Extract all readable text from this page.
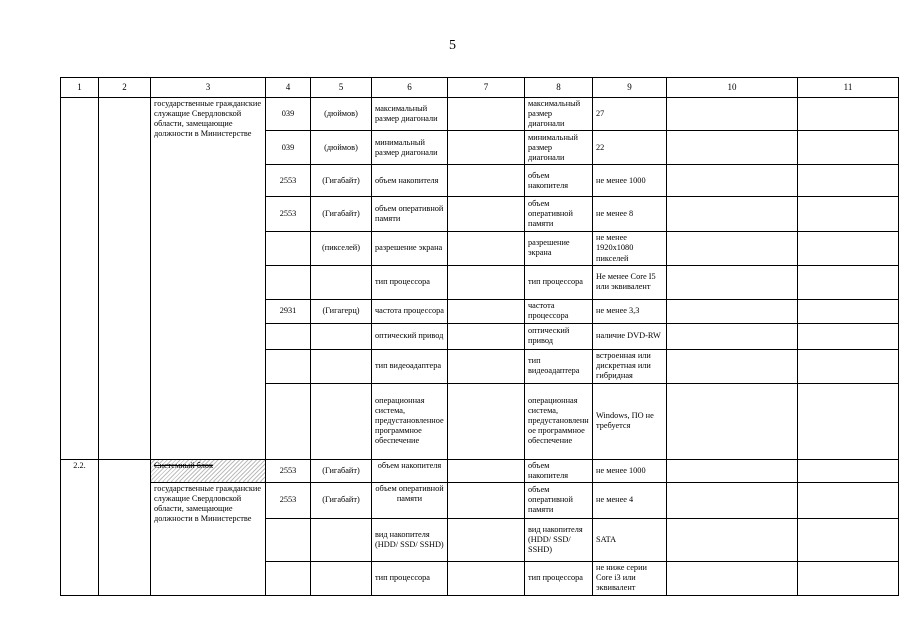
5
1	2	3	4	5	6	7	8	9	10	11
		государственные гражданские служащие Свердловской области, замещающие должности в Министерстве	039	(дюймов)	максимальный размер диагонали		максимальный размер диагонали	27		
			039	(дюймов)	минимальный размер диагонали		минимальный размер диагонали	22		
			2553	(Гигабайт)	объем накопителя		объем накопителя	не менее 1000		
			2553	(Гигабайт)	объем оперативной памяти		объем оперативной памяти	не менее 8		
				(пикселей)	разрешение экрана		разрешение экрана	не менее 1920x1080 пикселей		
					тип процессора		тип процессора	Не менее Core I5 или эквивалент		
			2931	(Гигагерц)	частота процессора		частота процессора	не менее 3,3		
					оптический привод		оптический привод	наличие DVD-RW		
					тип видеоадаптера		тип видеоадаптера	встроенная или дискретная или гибридная		
					операционная система, предустановленное программное обеспечение		операционная система, предустановленное программное обеспечение	Windows, ПО не требуется		
2.2.		Системный блок	2553	(Гигабайт)	объем накопителя		объем накопителя	не менее 1000		
		государственные гражданские служащие Свердловской области, замещающие должности в Министерстве	2553	(Гигабайт)	объем оперативной памяти		объем оперативной памяти	не менее 4		
					вид накопителя (HDD/ SSD/ SSHD)		вид накопителя (HDD/ SSD/ SSHD)	SATA		
					тип процессора		тип процессора	не ниже серии Core i3 или эквивалент		
